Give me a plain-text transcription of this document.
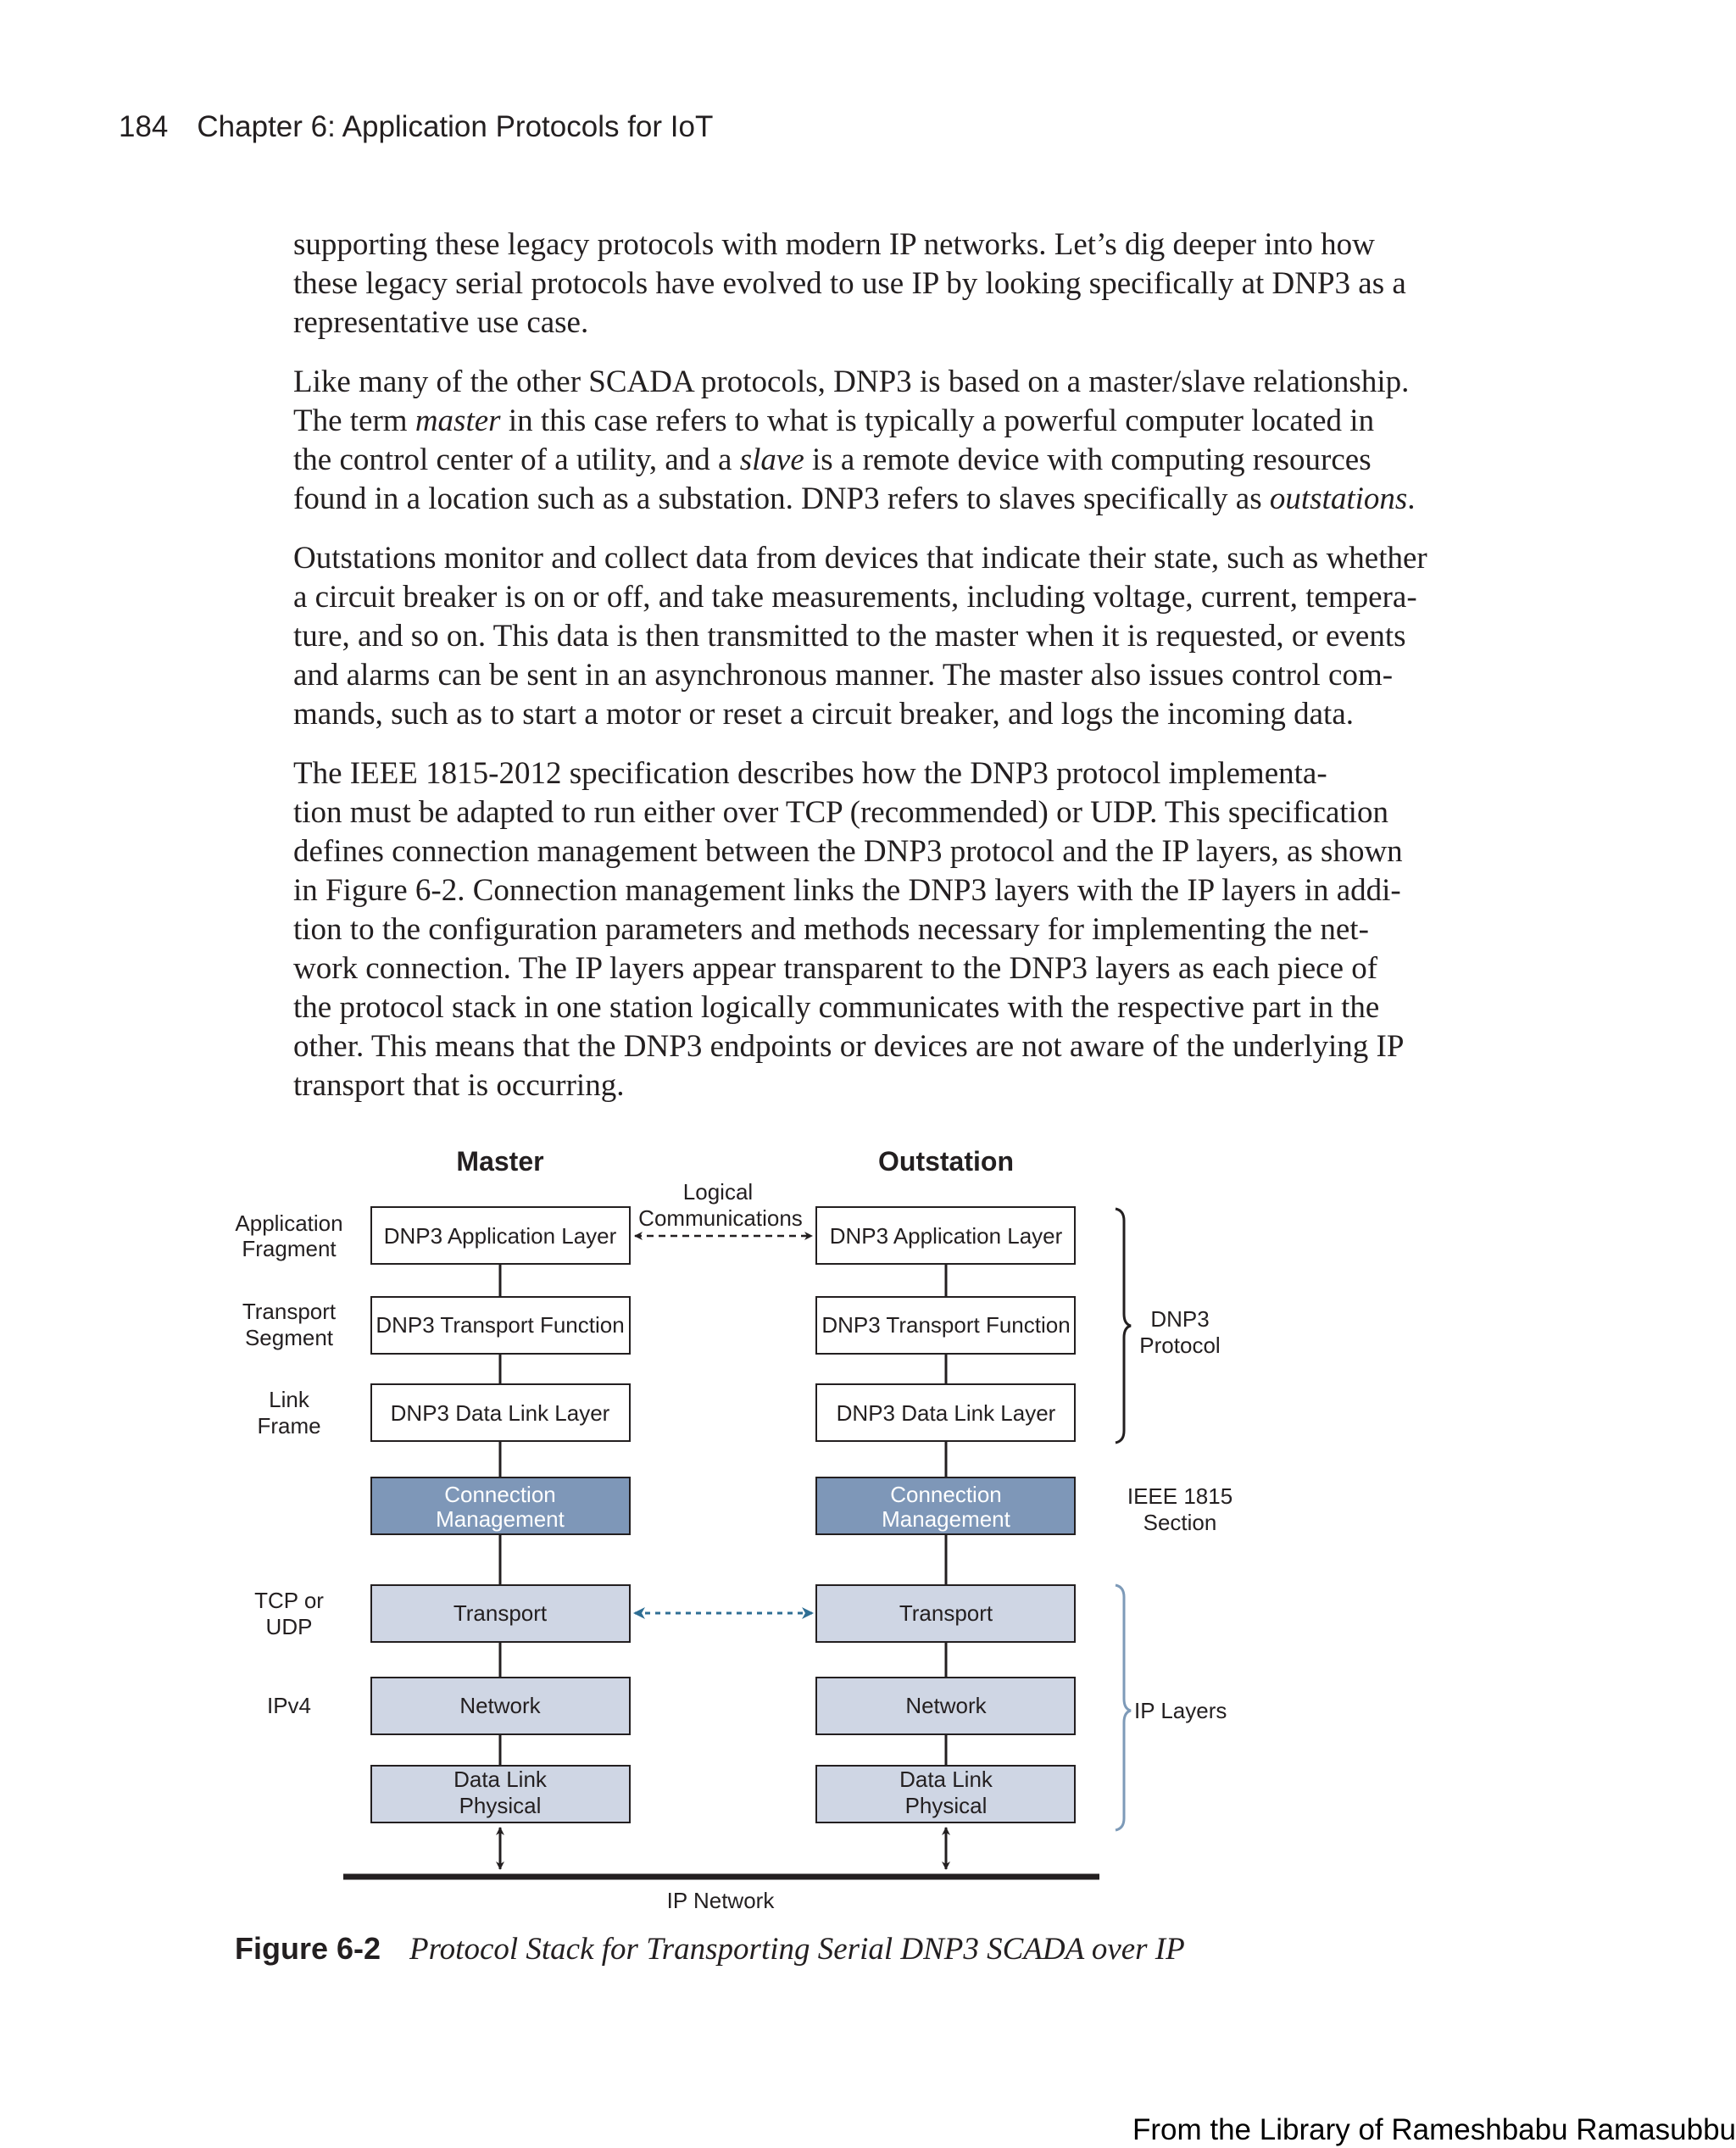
184 Chapter 6: Application Protocols for IoT

supporting these legacy protocols with modern IP networks. Let’s dig deeper into how
these legacy serial protocols have evolved to use IP by looking specifically at DNP3 as a
representative use case.

Like many of the other SCADA protocols, DNP3 is based on a master/slave relationship.
The term master in this case refers to what is typically a powerful computer located in
the control center of a utility, and a slave is a remote device with computing resources
found in a location such as a substation. DNP3 refers to slaves specifically as outstations.

Outstations monitor and collect data from devices that indicate their state, such as whether
a circuit breaker is on or off, and take measurements, including voltage, current, tempera-
ture, and so on. This data is then transmitted to the master when it is requested, or events
and alarms can be sent in an asynchronous manner. The master also issues control com-
mands, such as to start a motor or reset a circuit breaker, and logs the incoming data.

The IEEE 1815-2012 specification describes how the DNP3 protocol implementa-
tion must be adapted to run either over TCP (recommended) or UDP. This specification
defines connection management between the DNP3 protocol and the IP layers, as shown
in Figure 6-2. Connection management links the DNP3 layers with the IP layers in addi-
tion to the configuration parameters and methods necessary for implementing the net-
work connection. The IP layers appear transparent to the DNP3 layers as each piece of
the protocol stack in one station logically communicates with the respective part in the
other. This means that the DNP3 endpoints or devices are not aware of the underlying IP
transport that is occurring.

Master	Outstation
Logical
Communications
Application
Fragment
Transport
Segment
Link
Frame
TCP or
UDP
IPv4
DNP3 Application Layer
DNP3 Transport Function
DNP3 Data Link Layer
Connection
Management
Transport
Network
Data Link
Physical
DNP3 Application Layer
DNP3 Transport Function
DNP3 Data Link Layer
Connection
Management
Transport
Network
Data Link
Physical
IP Network
DNP3
Protocol
IEEE 1815
Section
IP Layers
Figure 6-2 Protocol Stack for Transporting Serial DNP3 SCADA over IP
From the Library of Rameshbabu Ramasubbu
